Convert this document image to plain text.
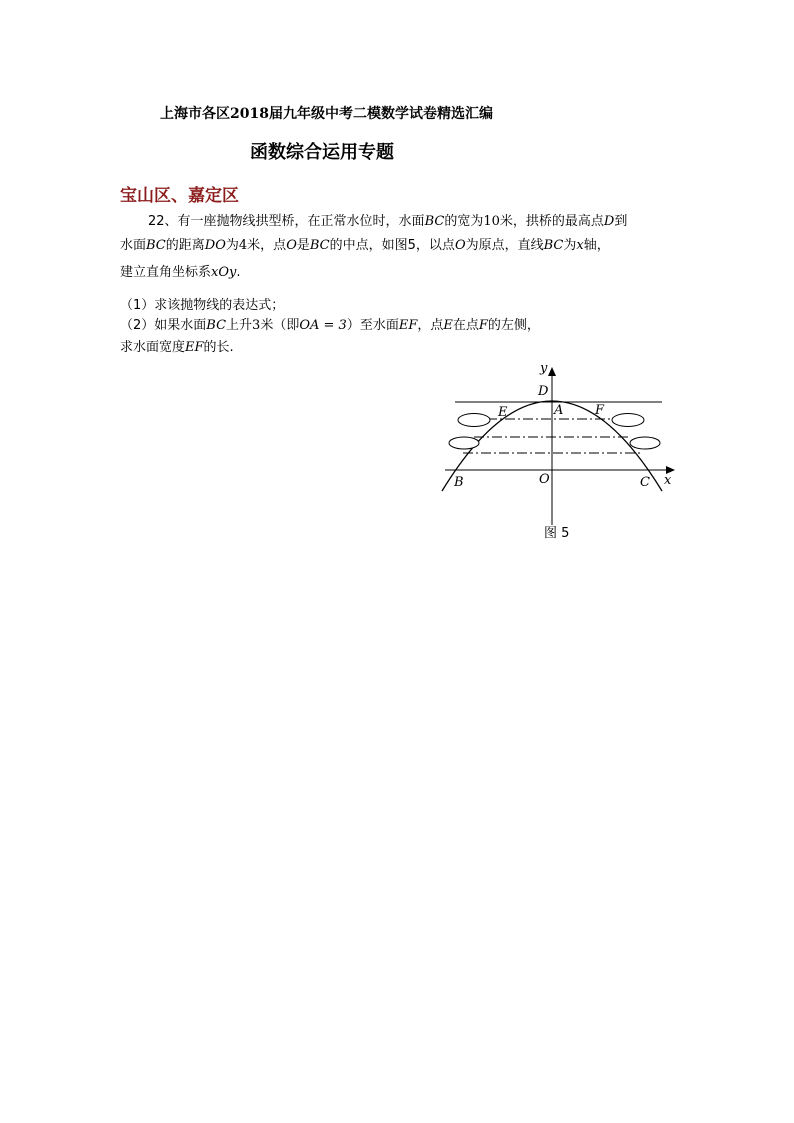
上海市各区2018届九年级中考二模数学试卷精选汇编
函数综合运用专题
宝山区、嘉定区
22、有一座抛物线拱型桥，在正常水位时，水面BC的宽为10米，拱桥的最高点D到
水面BC的距离DO为4米，点O是BC的中点，如图5，以点O为原点，直线BC为x轴，
建立直角坐标系xOy.
（1）求该抛物线的表达式；
（2）如果水面BC上升3米（即OA = 3）至水面EF，点E在点F的左侧，
求水面宽度EF的长.
y
x
D
A
E	F
O
B	C
图 5
